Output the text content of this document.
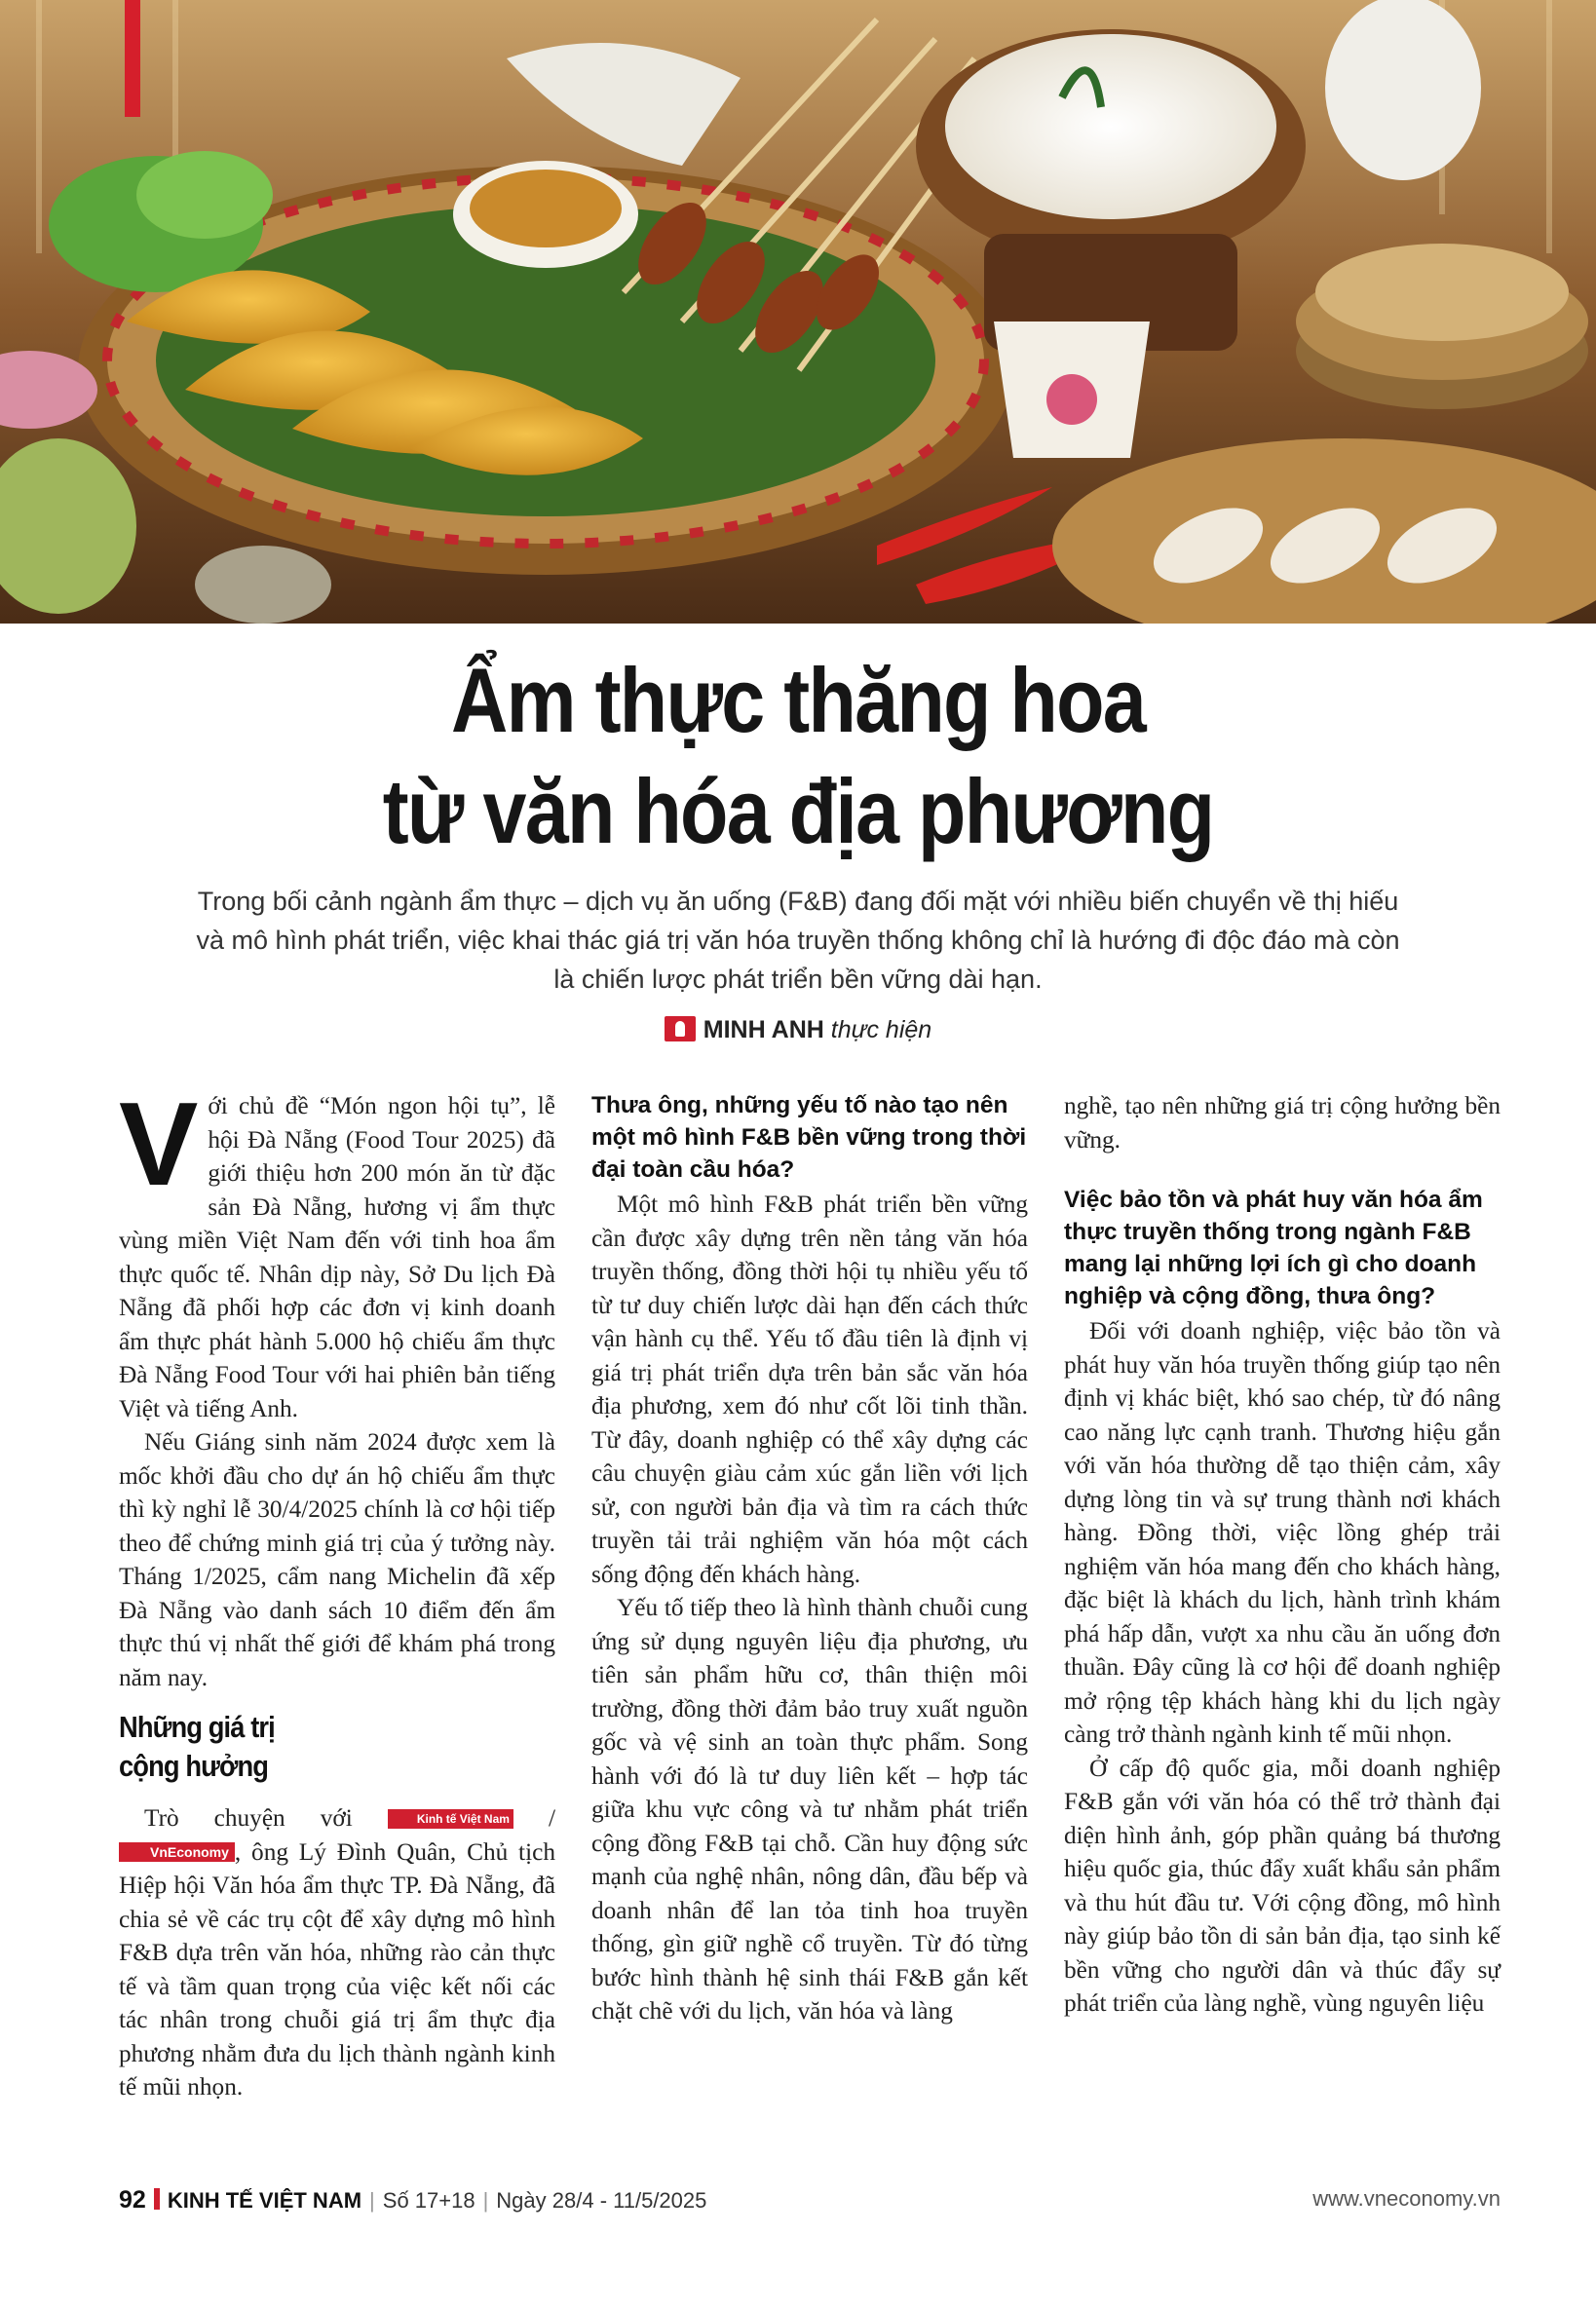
Ẩm thực thăng hoa
từ văn hóa địa phương
Trong bối cảnh ngành ẩm thực – dịch vụ ăn uống (F&B) đang đối mặt với nhiều biến chuyển về thị hiếu và mô hình phát triển, việc khai thác giá trị văn hóa truyền thống không chỉ là hướng đi độc đáo mà còn là chiến lược phát triển bền vững dài hạn.
MINH ANH thực hiện

Với chủ đề “Món ngon hội tụ”, lễ hội Đà Nẵng (Food Tour 2025) đã giới thiệu hơn 200 món ăn từ đặc sản Đà Nẵng, hương vị ẩm thực vùng miền Việt Nam đến với tinh hoa ẩm thực quốc tế. Nhân dịp này, Sở Du lịch Đà Nẵng đã phối hợp các đơn vị kinh doanh ẩm thực phát hành 5.000 hộ chiếu ẩm thực Đà Nẵng Food Tour với hai phiên bản tiếng Việt và tiếng Anh.

Nếu Giáng sinh năm 2024 được xem là mốc khởi đầu cho dự án hộ chiếu ẩm thực thì kỳ nghỉ lễ 30/4/2025 chính là cơ hội tiếp theo để chứng minh giá trị của ý tưởng này. Tháng 1/2025, cẩm nang Michelin đã xếp Đà Nẵng vào danh sách 10 điểm đến ẩm thực thú vị nhất thế giới để khám phá trong năm nay.

Những giá trị
cộng hưởng

Trò chuyện với	Kinh tế Việt Nam / VnEconomy , ông Lý Đình Quân, Chủ tịch Hiệp hội Văn hóa ẩm thực TP. Đà Nẵng, đã chia sẻ về các trụ cột để xây dựng mô hình F&B dựa trên văn hóa, những rào cản thực tế và tầm quan trọng của việc kết nối các tác nhân trong chuỗi giá trị ẩm thực địa phương nhằm đưa du lịch thành ngành kinh tế mũi nhọn.

Thưa ông, những yếu tố nào tạo nên một mô hình F&B bền vững trong thời đại toàn cầu hóa?

Một mô hình F&B phát triển bền vững cần được xây dựng trên nền tảng văn hóa truyền thống, đồng thời hội tụ nhiều yếu tố từ tư duy chiến lược dài hạn đến cách thức vận hành cụ thể. Yếu tố đầu tiên là định vị giá trị phát triển dựa trên bản sắc văn hóa địa phương, xem đó như cốt lõi tinh thần. Từ đây, doanh nghiệp có thể xây dựng các câu chuyện giàu cảm xúc gắn liền với lịch sử, con người bản địa và tìm ra cách thức truyền tải trải nghiệm văn hóa một cách sống động đến khách hàng.

Yếu tố tiếp theo là hình thành chuỗi cung ứng sử dụng nguyên liệu địa phương, ưu tiên sản phẩm hữu cơ, thân thiện môi trường, đồng thời đảm bảo truy xuất nguồn gốc và vệ sinh an toàn thực phẩm. Song hành với đó là tư duy liên kết – hợp tác giữa khu vực công và tư nhằm phát triển cộng đồng F&B tại chỗ. Cần huy động sức mạnh của nghệ nhân, nông dân, đầu bếp và doanh nhân để lan tỏa tinh hoa truyền thống, gìn giữ nghề cổ truyền. Từ đó từng bước hình thành hệ sinh thái F&B gắn kết chặt chẽ với du lịch, văn hóa và làng

nghề, tạo nên những giá trị cộng hưởng bền vững.

Việc bảo tồn và phát huy văn hóa ẩm thực truyền thống trong ngành F&B mang lại những lợi ích gì cho doanh nghiệp và cộng đồng, thưa ông?

Đối với doanh nghiệp, việc bảo tồn và phát huy văn hóa truyền thống giúp tạo nên định vị khác biệt, khó sao chép, từ đó nâng cao năng lực cạnh tranh. Thương hiệu gắn với văn hóa thường dễ tạo thiện cảm, xây dựng lòng tin và sự trung thành nơi khách hàng. Đồng thời, việc lồng ghép trải nghiệm văn hóa mang đến cho khách hàng, đặc biệt là khách du lịch, hành trình khám phá hấp dẫn, vượt xa nhu cầu ăn uống đơn thuần. Đây cũng là cơ hội để doanh nghiệp mở rộng tệp khách hàng khi du lịch ngày càng trở thành ngành kinh tế mũi nhọn.

Ở cấp độ quốc gia, mỗi doanh nghiệp F&B gắn với văn hóa có thể trở thành đại diện hình ảnh, góp phần quảng bá thương hiệu quốc gia, thúc đẩy xuất khẩu sản phẩm và thu hút đầu tư. Với cộng đồng, mô hình này giúp bảo tồn di sản bản địa, tạo sinh kế bền vững cho người dân và thúc đẩy sự phát triển của làng nghề, vùng nguyên liệu

92 KINH TẾ VIỆT NAM | Số 17+18 | Ngày 28/4 - 11/5/2025	www.vneconomy.vn
